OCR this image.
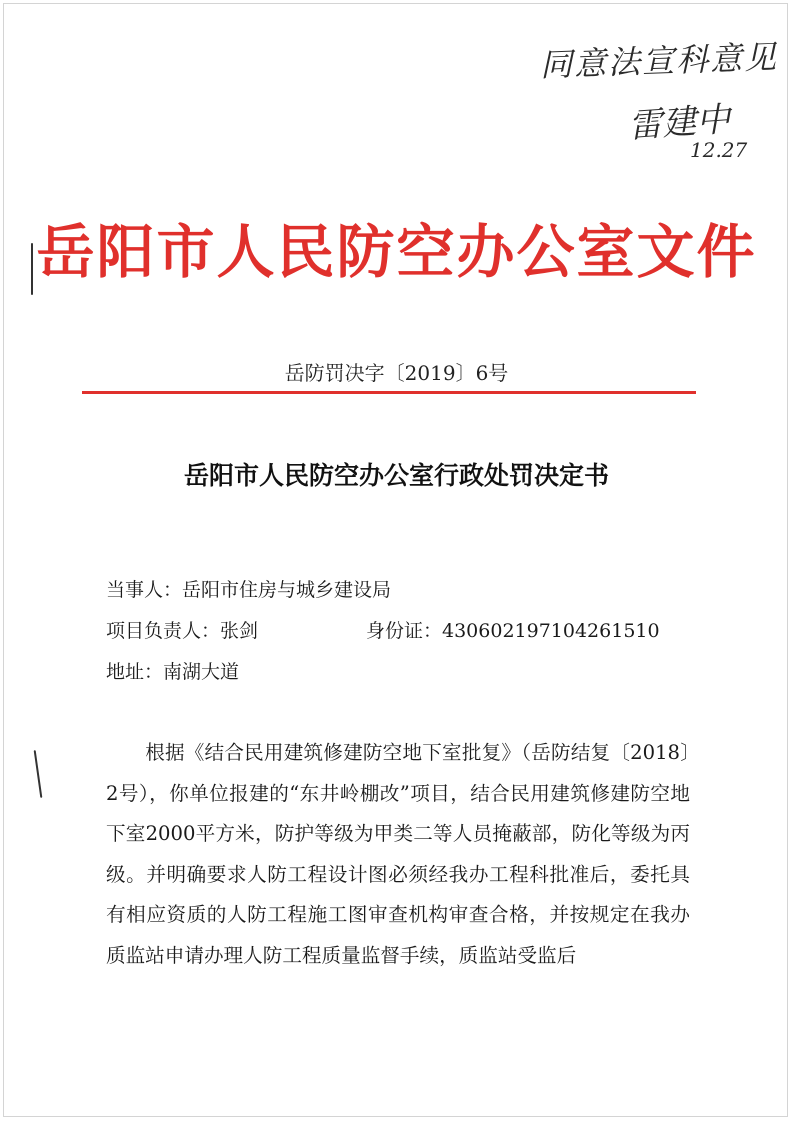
同意法宣科意见
雷建中
12.27
岳阳市人民防空办公室文件
岳防罚决字〔2019〕6号
岳阳市人民防空办公室行政处罚决定书
当事人：岳阳市住房与城乡建设局
项目负责人：张剑	身份证：430602197104261510
地址：南湖大道

根据《结合民用建筑修建防空地下室批复》（岳防结复〔2018〕2号），你单位报建的“东井岭棚改”项目，结合民用建筑修建防空地下室2000平方米，防护等级为甲类二等人员掩蔽部，防化等级为丙级。并明确要求人防工程设计图必须经我办工程科批准后，委托具有相应资质的人防工程施工图审查机构审查合格，并按规定在我办质监站申请办理人防工程质量监督手续，质监站受监后
